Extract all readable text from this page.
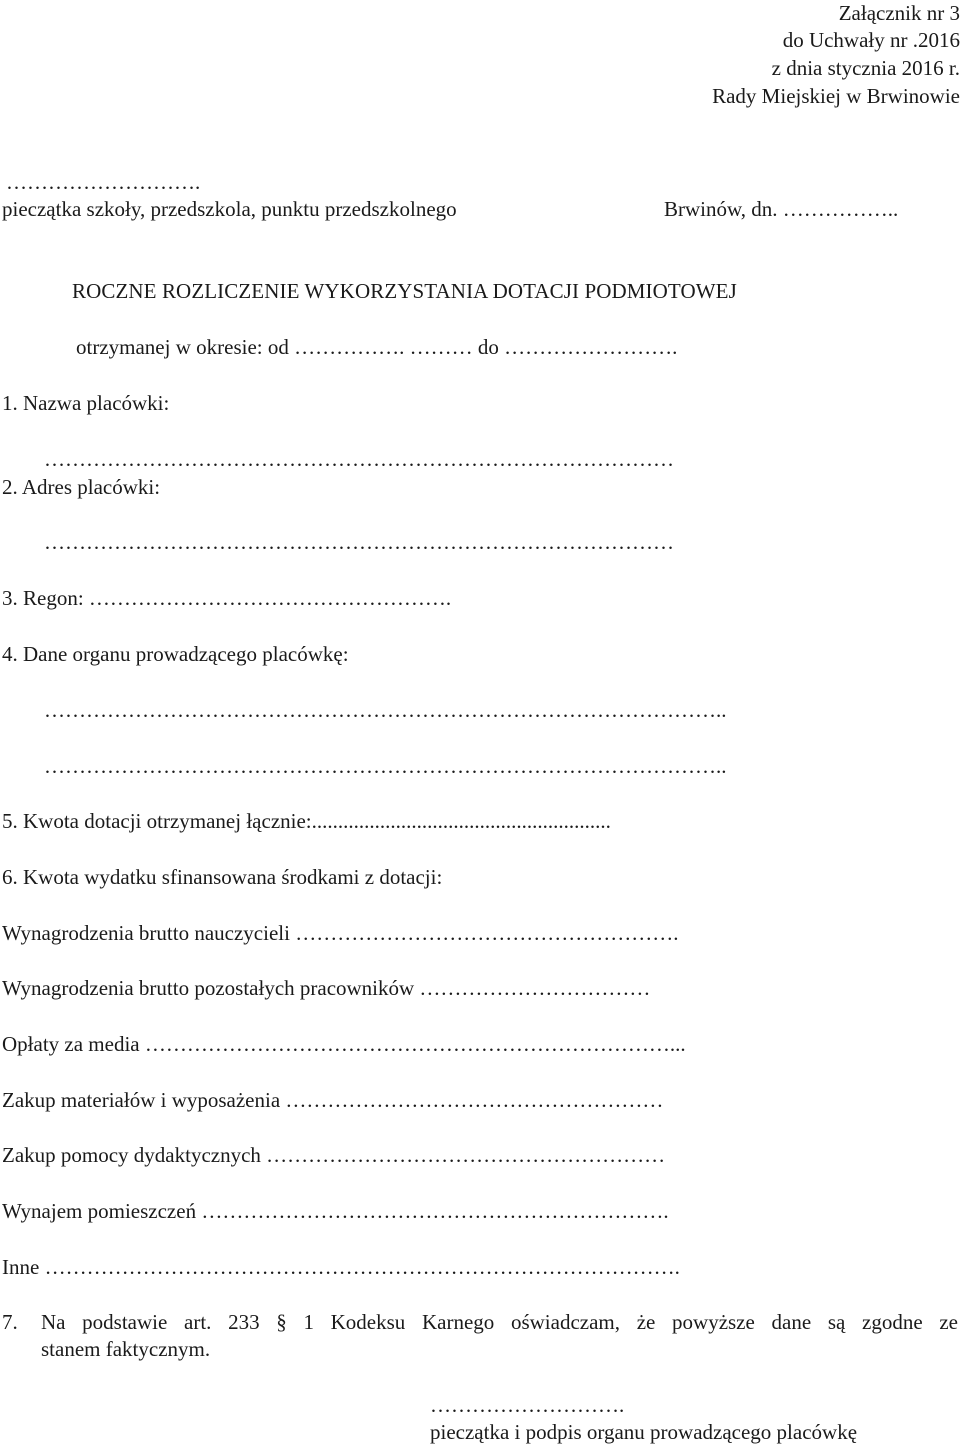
Załącznik nr 3
do Uchwały nr .2016
z dnia stycznia 2016 r.
Rady Miejskiej w Brwinowie
……………………….
pieczątka szkoły, przedszkola, punktu przedszkolnego	Brwinów, dn. ……………..
ROCZNE ROZLICZENIE WYKORZYSTANIA DOTACJI PODMIOTOWEJ
otrzymanej w okresie: od ……………. ……… do …………………….
1. Nazwa placówki:
………………………………………………………………………………
2. Adres placówki:
………………………………………………………………………………
3. Regon: …………………………………………….
4. Dane organu prowadzącego placówkę:
……………………………………………………………………………………..
……………………………………………………………………………………..
5. Kwota dotacji otrzymanej łącznie:.........................................................
6. Kwota wydatku sfinansowana środkami z dotacji:
Wynagrodzenia brutto nauczycieli ……………………………………………….
Wynagrodzenia brutto pozostałych pracowników ……………………………
Opłaty za media …………………………………………………………………...
Zakup materiałów i wyposażenia ………………………………………………
Zakup pomocy dydaktycznych …………………………………………………
Wynajem pomieszczeń ………………………………………………………….
Inne ……………………………………………………………………………….
7. Na podstawie art. 233 § 1 Kodeksu Karnego oświadczam, że powyższe dane są zgodne ze
stanem faktycznym.
……………………….
pieczątka i podpis organu prowadzącego placówkę
